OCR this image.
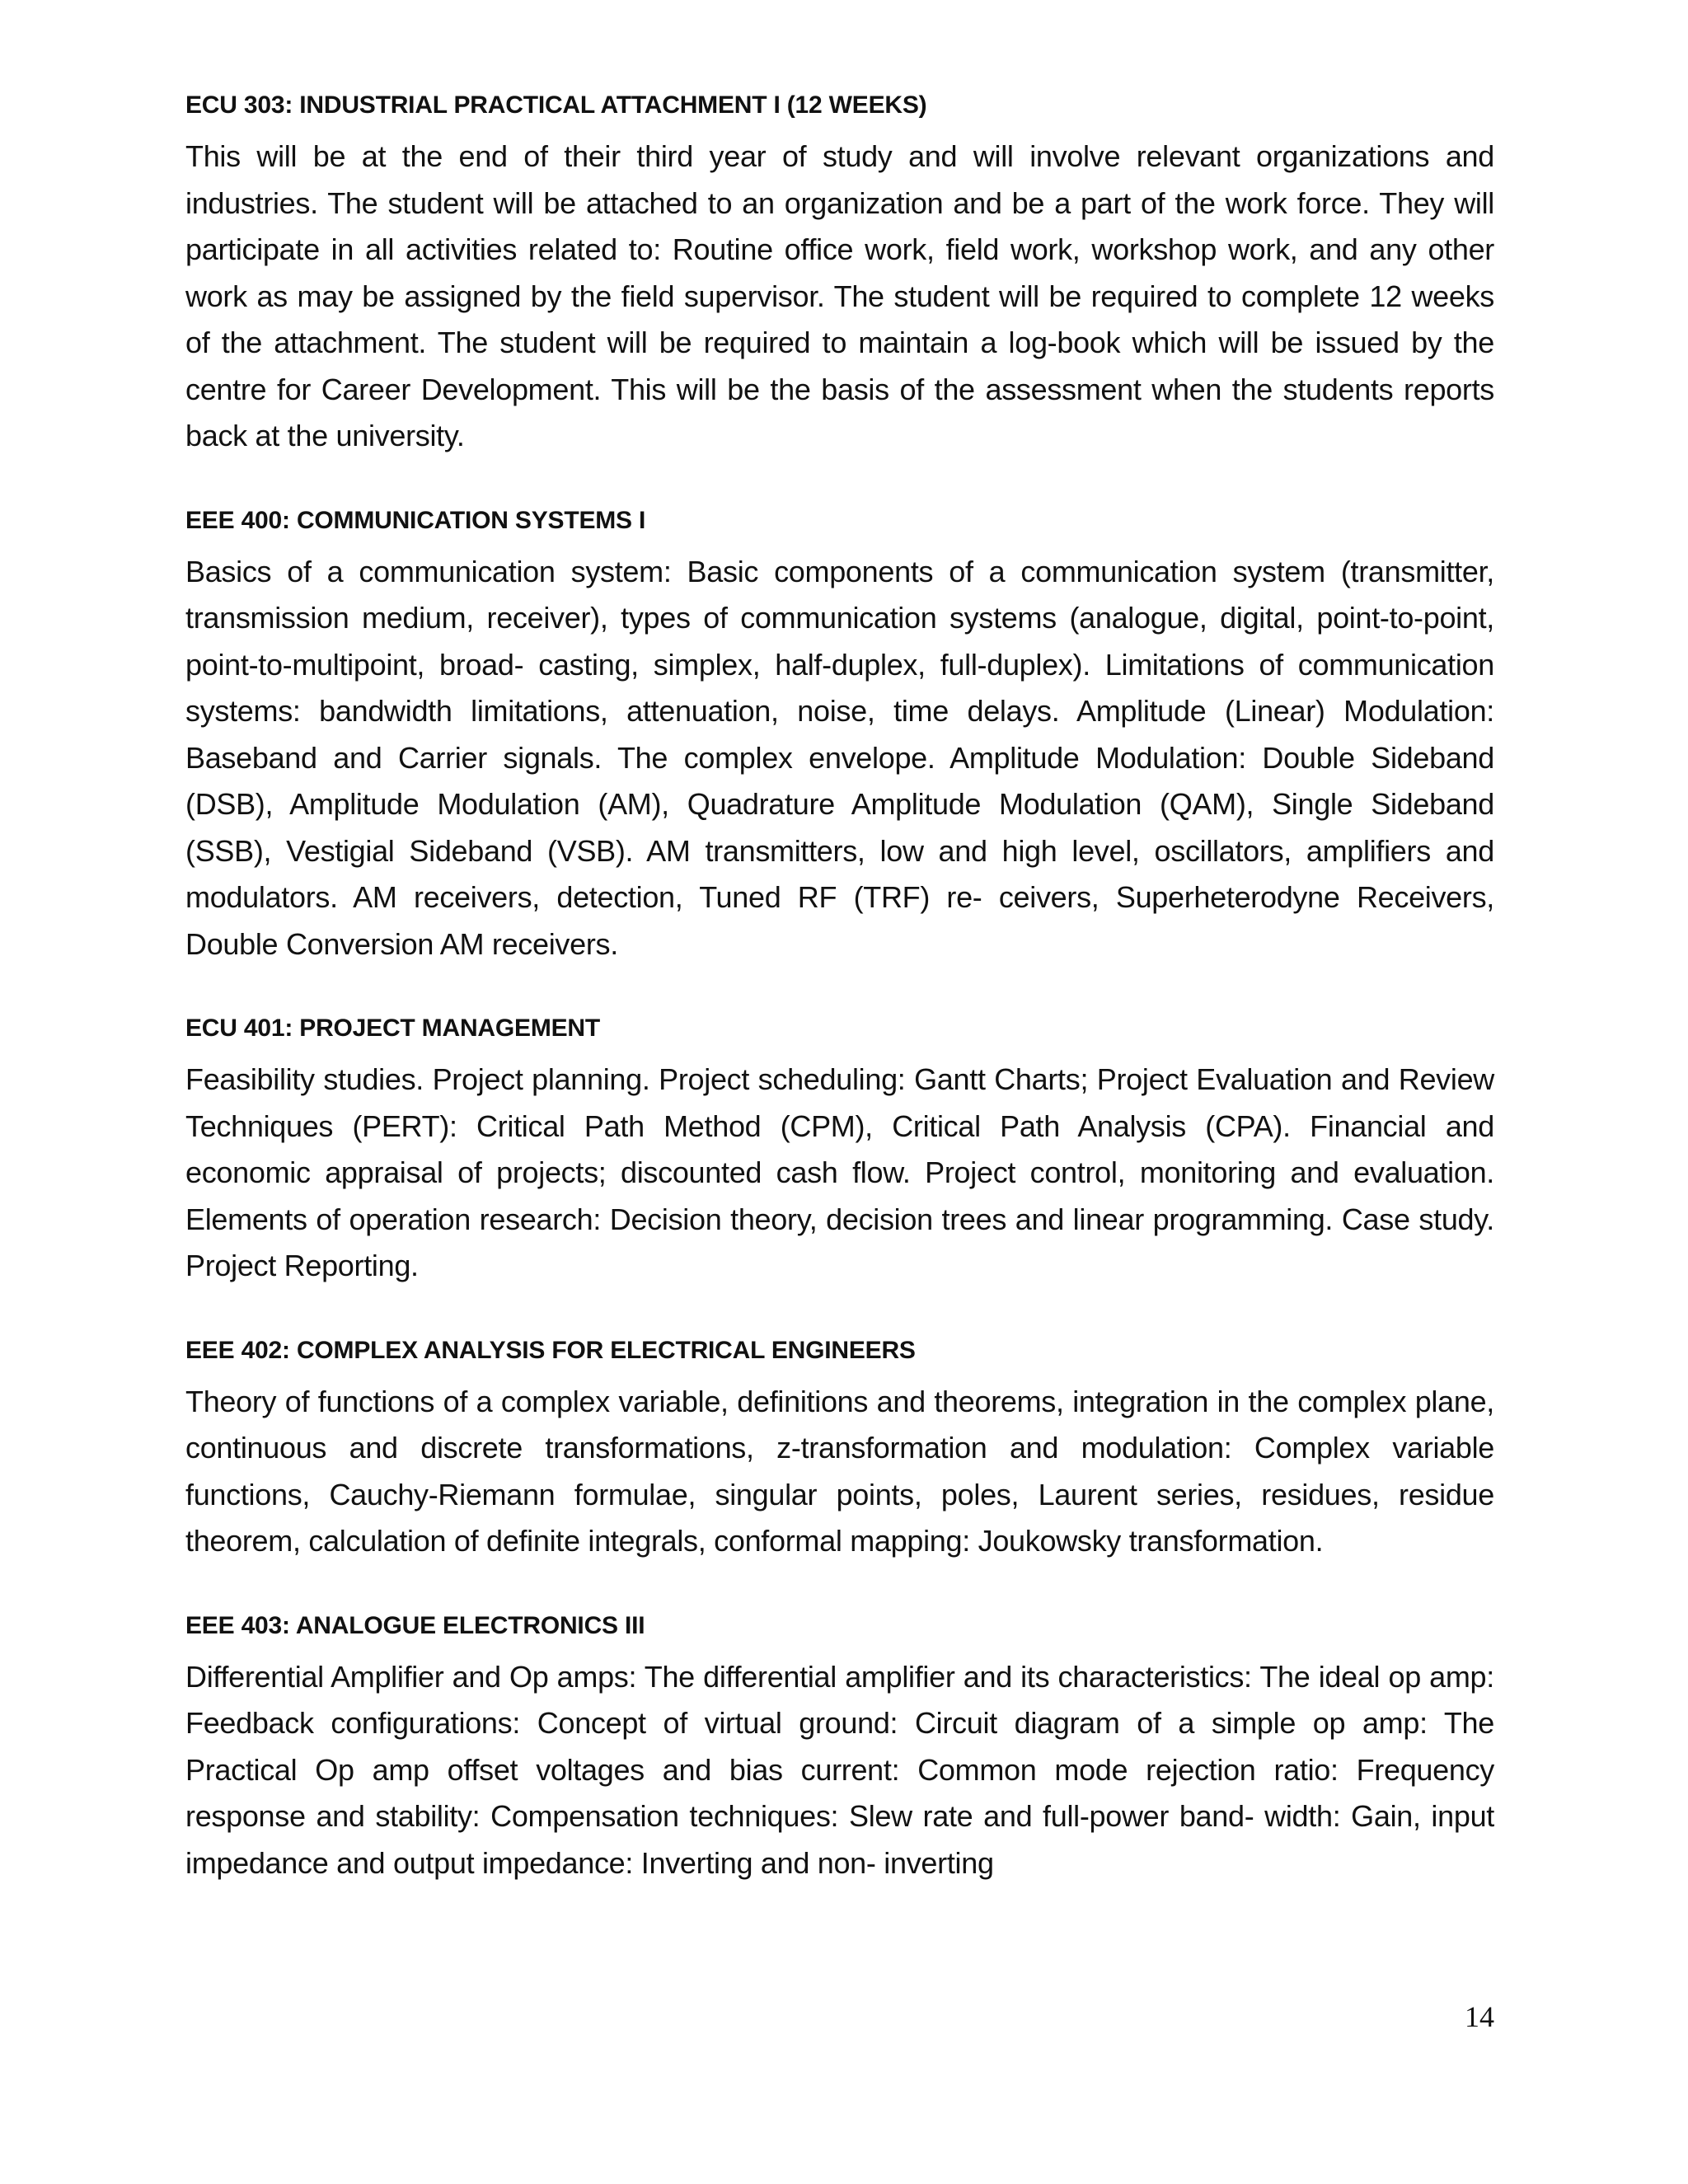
ECU 303: INDUSTRIAL PRACTICAL ATTACHMENT I (12 WEEKS)

This will be at the end of their third year of study and will involve relevant organizations and industries. The student will be attached to an organization and be a part of the work force. They will participate in all activities related to: Routine office work, field work, workshop work, and any other work as may be assigned by the field supervisor. The student will be required to complete 12 weeks of the attachment. The student will be required to maintain a log-book which will be issued by the centre for Career Development. This will be the basis of the assessment when the students reports back at the university.

EEE 400: COMMUNICATION SYSTEMS I

Basics of a communication system: Basic components of a communication system (transmitter, transmission medium, receiver), types of communication systems (analogue, digital, point-to-point, point-to-multipoint, broad- casting, simplex, half-duplex, full-duplex). Limitations of communication systems: bandwidth limitations, attenuation, noise, time delays. Amplitude (Linear) Modulation: Baseband and Carrier signals. The complex envelope. Amplitude Modulation: Double Sideband (DSB), Amplitude Modulation (AM), Quadrature Amplitude Modulation (QAM), Single Sideband (SSB), Vestigial Sideband (VSB). AM transmitters, low and high level, oscillators, amplifiers and modulators. AM receivers, detection, Tuned RF (TRF) re- ceivers, Superheterodyne Receivers, Double Conversion AM receivers.

ECU 401: PROJECT MANAGEMENT

Feasibility studies. Project planning. Project scheduling: Gantt Charts; Project Evaluation and Review Techniques (PERT): Critical Path Method (CPM), Critical Path Analysis (CPA). Financial and economic appraisal of projects; discounted cash flow. Project control, monitoring and evaluation. Elements of operation research: Decision theory, decision trees and linear programming. Case study. Project Reporting.

EEE 402: COMPLEX ANALYSIS FOR ELECTRICAL ENGINEERS

Theory of functions of a complex variable, definitions and theorems, integration in the complex plane, continuous and discrete transformations, z-transformation and modulation: Complex variable functions, Cauchy-Riemann formulae, singular points, poles, Laurent series, residues, residue theorem, calculation of definite integrals, conformal mapping: Joukowsky transformation.

EEE 403: ANALOGUE ELECTRONICS III

Differential Amplifier and Op amps: The differential amplifier and its characteristics: The ideal op amp: Feedback configurations: Concept of virtual ground: Circuit diagram of a simple op amp: The Practical Op amp offset voltages and bias current: Common mode rejection ratio: Frequency response and stability: Compensation techniques: Slew rate and full-power band- width: Gain, input impedance and output impedance: Inverting and non- inverting

14
